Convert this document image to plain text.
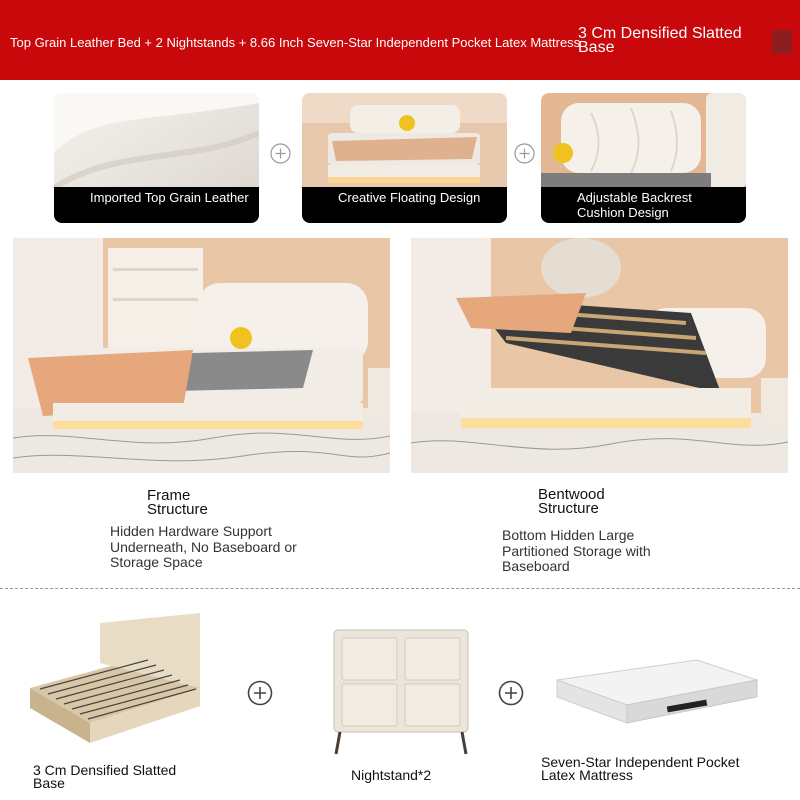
Top Grain Leather Bed + 2 Nightstands + 8.66 Inch Seven-Star Independent Pocket Latex Mattress
3 Cm Densified Slatted Base
Imported Top Grain Leather	Creative Floating Design	Adjustable Backrest Cushion Design
Frame Structure
Hidden Hardware Support Underneath, No Baseboard or Storage Space
Bentwood Structure
Bottom Hidden Large Partitioned Storage with Baseboard
3 Cm Densified Slatted Base	Nightstand*2
Seven-Star Independent Pocket Latex Mattress
